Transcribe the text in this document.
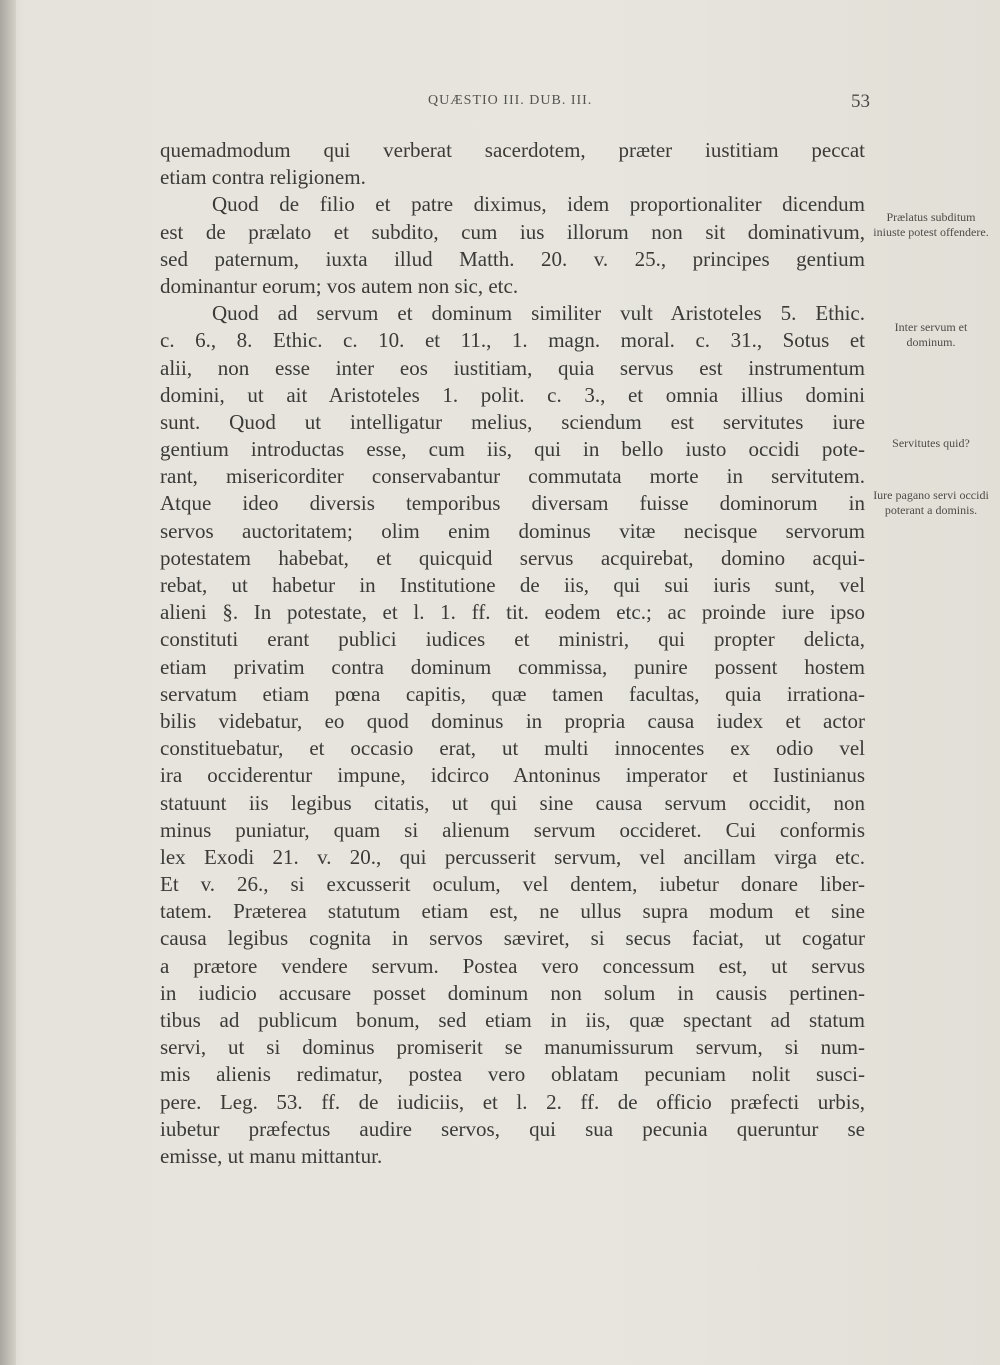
QUÆSTIO III. DUB. III.	53
quemadmodum qui verberat sacerdotem, præter iustitiam peccat
etiam contra religionem.
Quod de filio et patre diximus, idem proportionaliter dicendum
est de prælato et subdito, cum ius illorum non sit dominativum,
sed paternum, iuxta illud Matth. 20. v. 25., principes gentium
dominantur eorum; vos autem non sic, etc.
Quod ad servum et dominum similiter vult Aristoteles 5. Ethic.
c. 6., 8. Ethic. c. 10. et 11., 1. magn. moral. c. 31., Sotus et
alii, non esse inter eos iustitiam, quia servus est instrumentum
domini, ut ait Aristoteles 1. polit. c. 3., et omnia illius domini
sunt. Quod ut intelligatur melius, sciendum est servitutes iure
gentium introductas esse, cum iis, qui in bello iusto occidi pote-
rant, misericorditer conservabantur commutata morte in servitutem.
Atque ideo diversis temporibus diversam fuisse dominorum in
servos auctoritatem; olim enim dominus vitæ necisque servorum
potestatem habebat, et quicquid servus acquirebat, domino acqui-
rebat, ut habetur in Institutione de iis, qui sui iuris sunt, vel
alieni §. In potestate, et l. 1. ff. tit. eodem etc.; ac proinde iure ipso
constituti erant publici iudices et ministri, qui propter delicta,
etiam privatim contra dominum commissa, punire possent hostem
servatum etiam pœna capitis, quæ tamen facultas, quia irrationa-
bilis videbatur, eo quod dominus in propria causa iudex et actor
constituebatur, et occasio erat, ut multi innocentes ex odio vel
ira occiderentur impune, idcirco Antoninus imperator et Iustinianus
statuunt iis legibus citatis, ut qui sine causa servum occidit, non
minus puniatur, quam si alienum servum occideret. Cui conformis
lex Exodi 21. v. 20., qui percusserit servum, vel ancillam virga etc.
Et v. 26., si excusserit oculum, vel dentem, iubetur donare liber-
tatem. Præterea statutum etiam est, ne ullus supra modum et sine
causa legibus cognita in servos sæviret, si secus faciat, ut cogatur
a prætore vendere servum. Postea vero concessum est, ut servus
in iudicio accusare posset dominum non solum in causis pertinen-
tibus ad publicum bonum, sed etiam in iis, quæ spectant ad statum
servi, ut si dominus promiserit se manumissurum servum, si num-
mis alienis redimatur, postea vero oblatam pecuniam nolit susci-
pere. Leg. 53. ff. de iudiciis, et l. 2. ff. de officio præfecti urbis,
iubetur præfectus audire servos, qui sua pecunia queruntur se
emisse, ut manu mittantur.
Prælatus subditum iniuste potest offendere.
Inter servum et dominum.
Servitutes quid?
Iure pagano servi occidi poterant a dominis.
